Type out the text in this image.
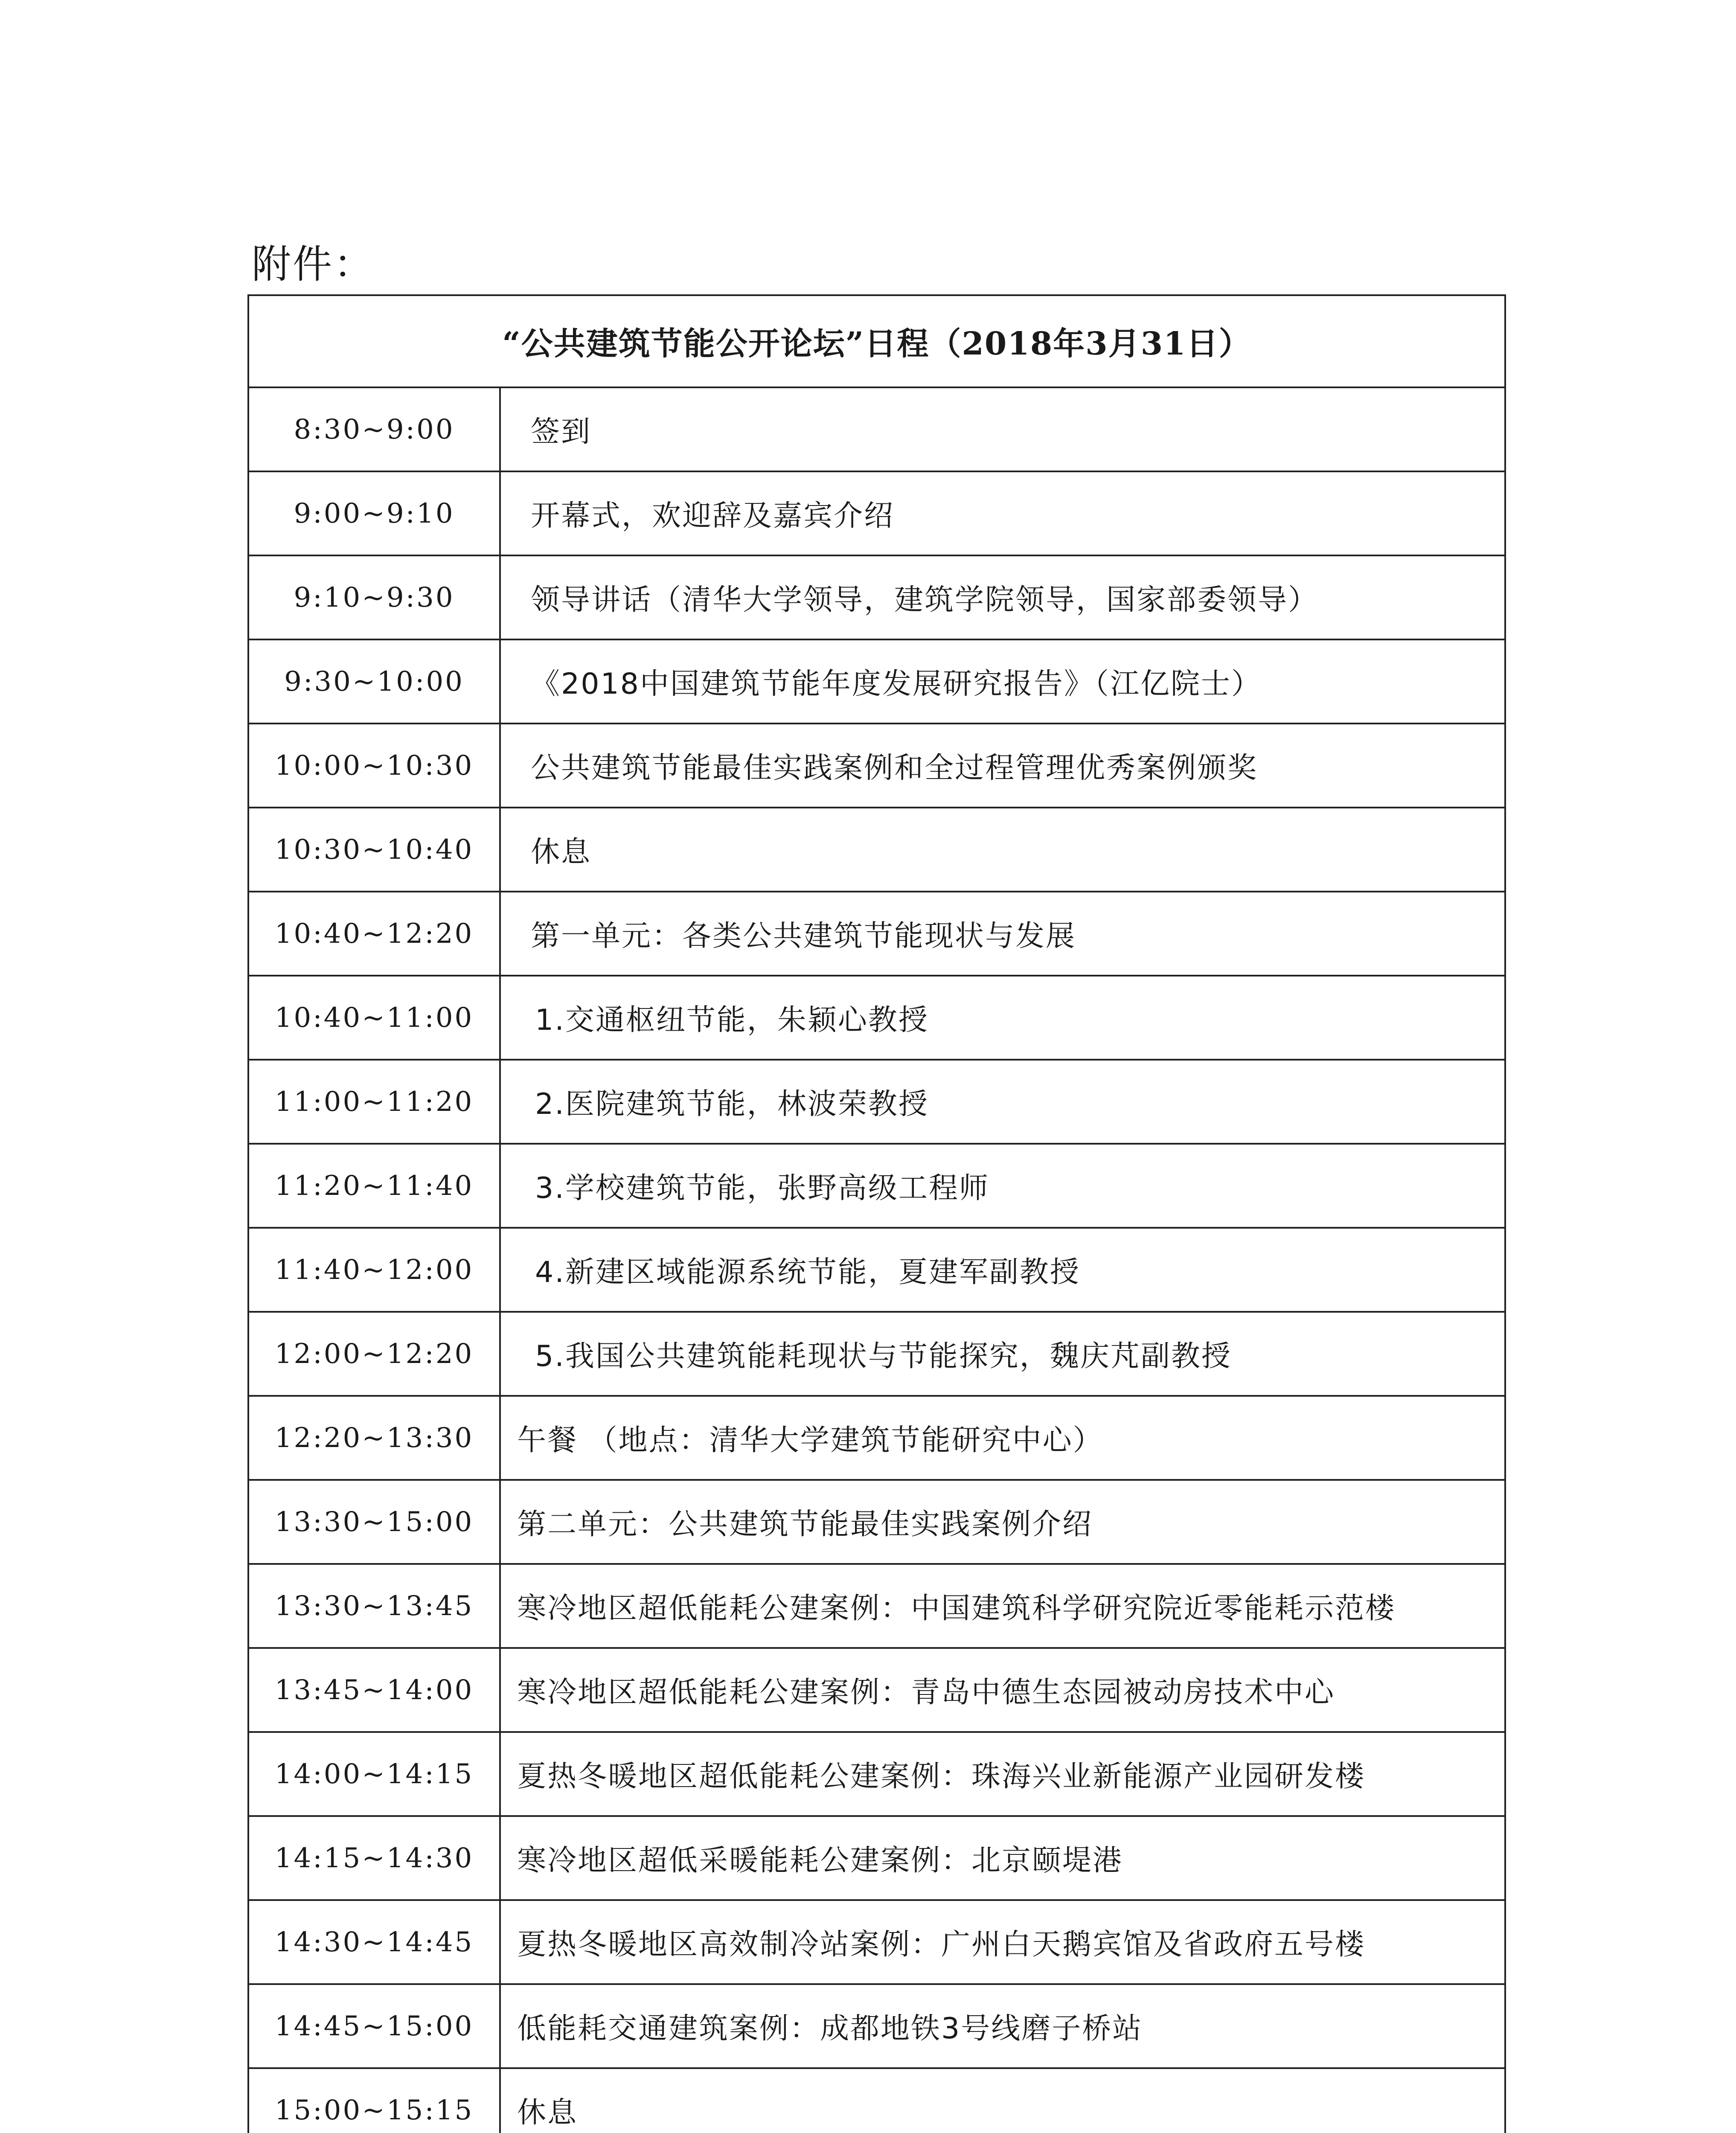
附件：
“公共建筑节能公开论坛”日程（2018年3月31日）	
8:30~9:00	签到
9:00~9:10	开幕式，欢迎辞及嘉宾介绍
9:10~9:30	领导讲话（清华大学领导，建筑学院领导，国家部委领导）
9:30~10:00	《2018中国建筑节能年度发展研究报告》（江亿院士）
10:00~10:30	公共建筑节能最佳实践案例和全过程管理优秀案例颁奖
10:30~10:40	休息
10:40~12:20	第一单元：各类公共建筑节能现状与发展
10:40~11:00	1.交通枢纽节能，朱颖心教授
11:00~11:20	2.医院建筑节能，林波荣教授
11:20~11:40	3.学校建筑节能，张野高级工程师
11:40~12:00	4.新建区域能源系统节能，夏建军副教授
12:00~12:20	5.我国公共建筑能耗现状与节能探究，魏庆芃副教授
12:20~13:30	午餐 （地点：清华大学建筑节能研究中心）
13:30~15:00	第二单元：公共建筑节能最佳实践案例介绍
13:30~13:45	寒冷地区超低能耗公建案例：中国建筑科学研究院近零能耗示范楼
13:45~14:00	寒冷地区超低能耗公建案例：青岛中德生态园被动房技术中心
14:00~14:15	夏热冬暖地区超低能耗公建案例：珠海兴业新能源产业园研发楼
14:15~14:30	寒冷地区超低采暖能耗公建案例：北京颐堤港
14:30~14:45	夏热冬暖地区高效制冷站案例：广州白天鹅宾馆及省政府五号楼
14:45~15:00	低能耗交通建筑案例：成都地铁3号线磨子桥站
15:00~15:15	休息
